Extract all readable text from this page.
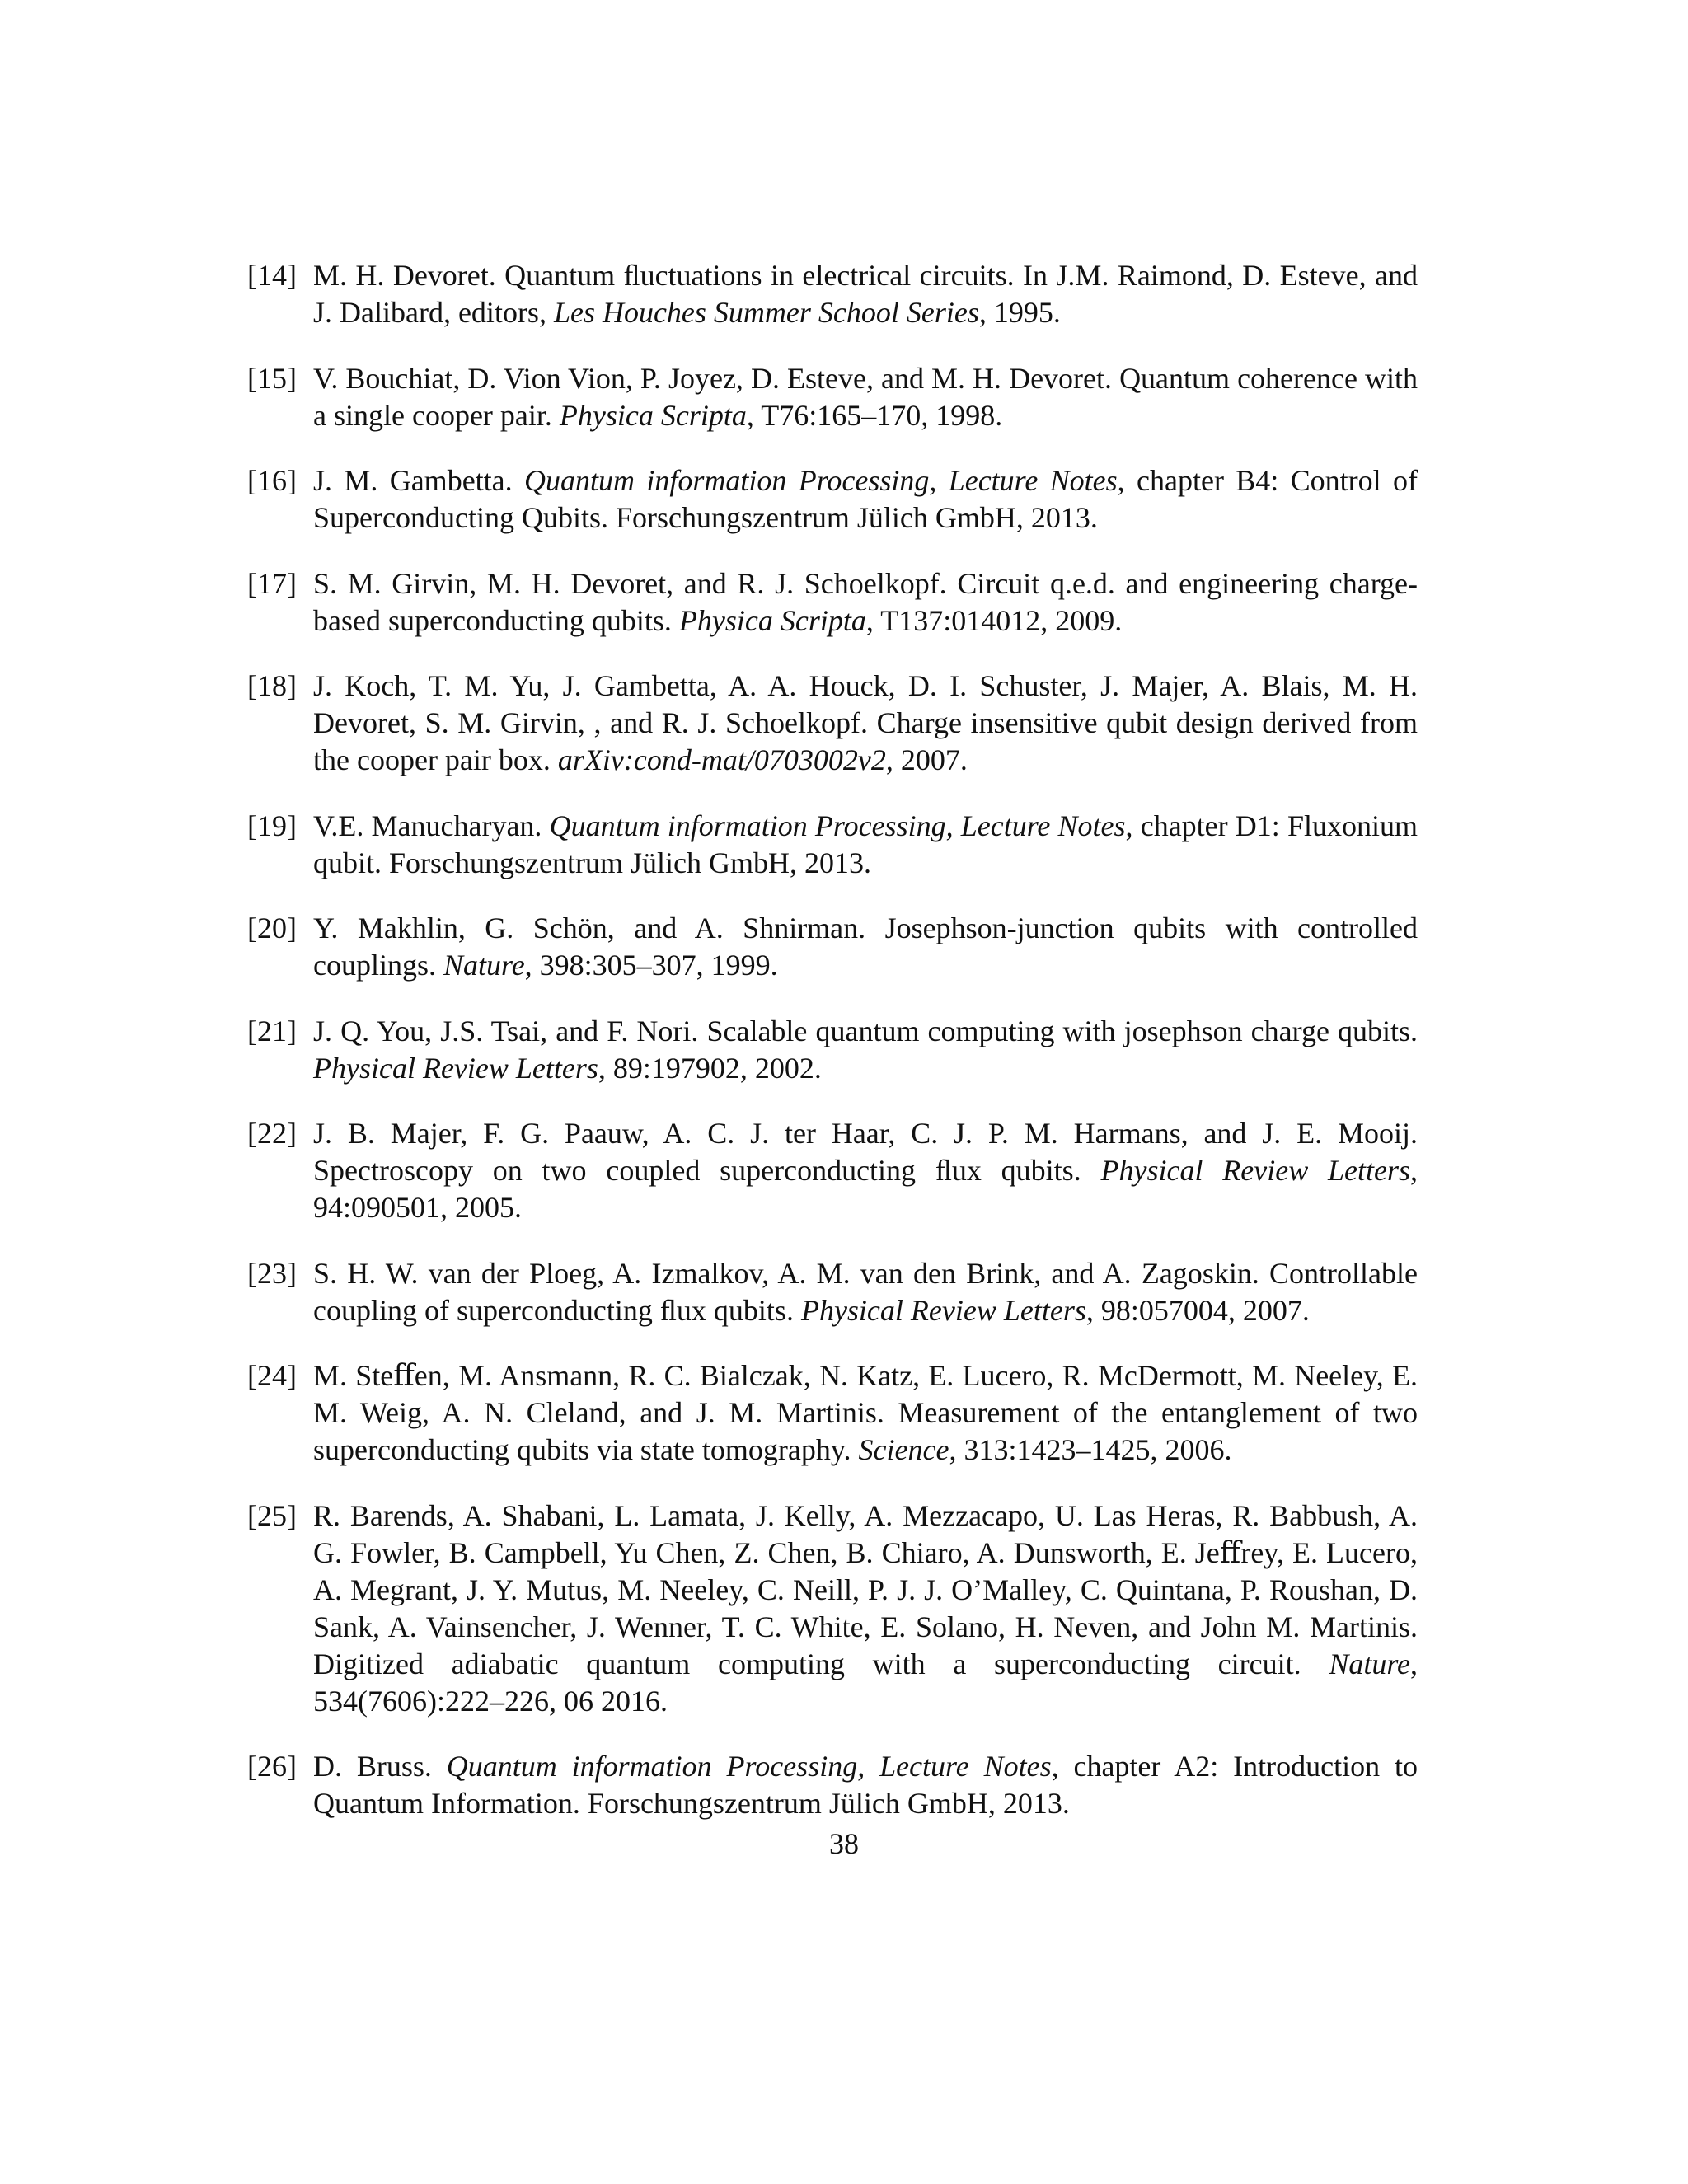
[14] M. H. Devoret. Quantum ﬂuctuations in electrical circuits. In J.M. Raimond, D. Esteve, and J. Dalibard, editors, Les Houches Summer School Series, 1995.
[15] V. Bouchiat, D. Vion Vion, P. Joyez, D. Esteve, and M. H. Devoret. Quantum coherence with a single cooper pair. Physica Scripta, T76:165–170, 1998.
[16] J. M. Gambetta. Quantum information Processing, Lecture Notes, chapter B4: Control of Superconducting Qubits. Forschungszentrum Jülich GmbH, 2013.
[17] S. M. Girvin, M. H. Devoret, and R. J. Schoelkopf. Circuit q.e.d. and engineering charge-based superconducting qubits. Physica Scripta, T137:014012, 2009.
[18] J. Koch, T. M. Yu, J. Gambetta, A. A. Houck, D. I. Schuster, J. Majer, A. Blais, M. H. Devoret, S. M. Girvin, , and R. J. Schoelkopf. Charge insensitive qubit design derived from the cooper pair box. arXiv:cond-mat/0703002v2, 2007.
[19] V.E. Manucharyan. Quantum information Processing, Lecture Notes, chapter D1: Fluxonium qubit. Forschungszentrum Jülich GmbH, 2013.
[20] Y. Makhlin, G. Schön, and A. Shnirman. Josephson-junction qubits with controlled couplings. Nature, 398:305–307, 1999.
[21] J. Q. You, J.S. Tsai, and F. Nori. Scalable quantum computing with josephson charge qubits. Physical Review Letters, 89:197902, 2002.
[22] J. B. Majer, F. G. Paauw, A. C. J. ter Haar, C. J. P. M. Harmans, and J. E. Mooij. Spectroscopy on two coupled superconducting ﬂux qubits. Physical Review Letters, 94:090501, 2005.
[23] S. H. W. van der Ploeg, A. Izmalkov, A. M. van den Brink, and A. Zagoskin. Controllable coupling of superconducting ﬂux qubits. Physical Review Letters, 98:057004, 2007.
[24] M. Steﬀen, M. Ansmann, R. C. Bialczak, N. Katz, E. Lucero, R. McDermott, M. Neeley, E. M. Weig, A. N. Cleland, and J. M. Martinis. Measurement of the entanglement of two superconducting qubits via state tomography. Science, 313:1423–1425, 2006.
[25] R. Barends, A. Shabani, L. Lamata, J. Kelly, A. Mezzacapo, U. Las Heras, R. Babbush, A. G. Fowler, B. Campbell, Yu Chen, Z. Chen, B. Chiaro, A. Dunsworth, E. Jeﬀrey, E. Lucero, A. Megrant, J. Y. Mutus, M. Neeley, C. Neill, P. J. J. O’Malley, C. Quintana, P. Roushan, D. Sank, A. Vainsencher, J. Wenner, T. C. White, E. Solano, H. Neven, and John M. Martinis. Digitized adiabatic quantum computing with a superconducting circuit. Nature, 534(7606):222–226, 06 2016.
[26] D. Bruss. Quantum information Processing, Lecture Notes, chapter A2: Introduction to Quantum Information. Forschungszentrum Jülich GmbH, 2013.
38
